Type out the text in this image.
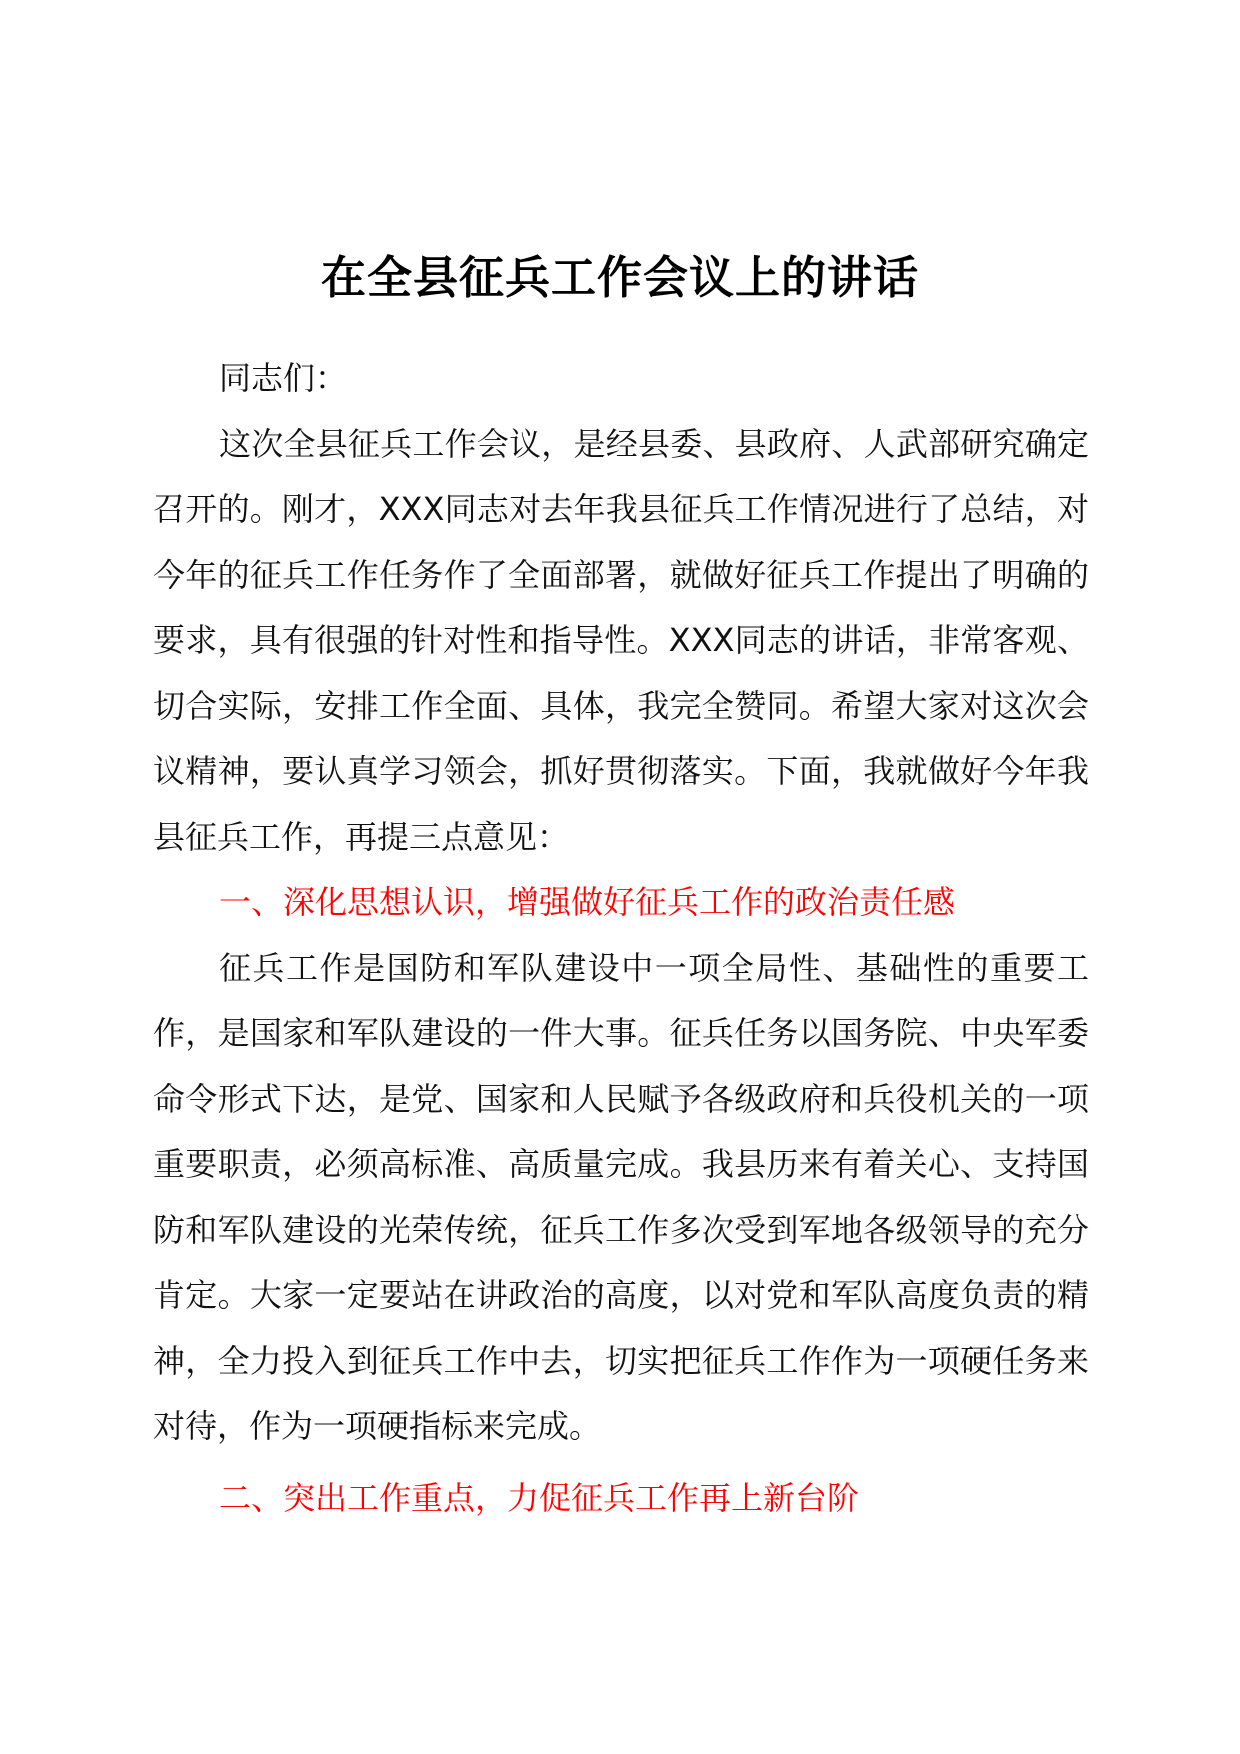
在全县征兵工作会议上的讲话

同志们：

这次全县征兵工作会议，是经县委、县政府、人武部研究确定召开的。刚才，XXX同志对去年我县征兵工作情况进行了总结，对今年的征兵工作任务作了全面部署，就做好征兵工作提出了明确的要求，具有很强的针对性和指导性。XXX同志的讲话，非常客观、切合实际，安排工作全面、具体，我完全赞同。希望大家对这次会议精神，要认真学习领会，抓好贯彻落实。下面，我就做好今年我县征兵工作，再提三点意见：

一、深化思想认识，增强做好征兵工作的政治责任感

征兵工作是国防和军队建设中一项全局性、基础性的重要工作，是国家和军队建设的一件大事。征兵任务以国务院、中央军委命令形式下达，是党、国家和人民赋予各级政府和兵役机关的一项重要职责，必须高标准、高质量完成。我县历来有着关心、支持国防和军队建设的光荣传统，征兵工作多次受到军地各级领导的充分肯定。大家一定要站在讲政治的高度，以对党和军队高度负责的精神，全力投入到征兵工作中去，切实把征兵工作作为一项硬任务来对待，作为一项硬指标来完成。

二、突出工作重点，力促征兵工作再上新台阶
